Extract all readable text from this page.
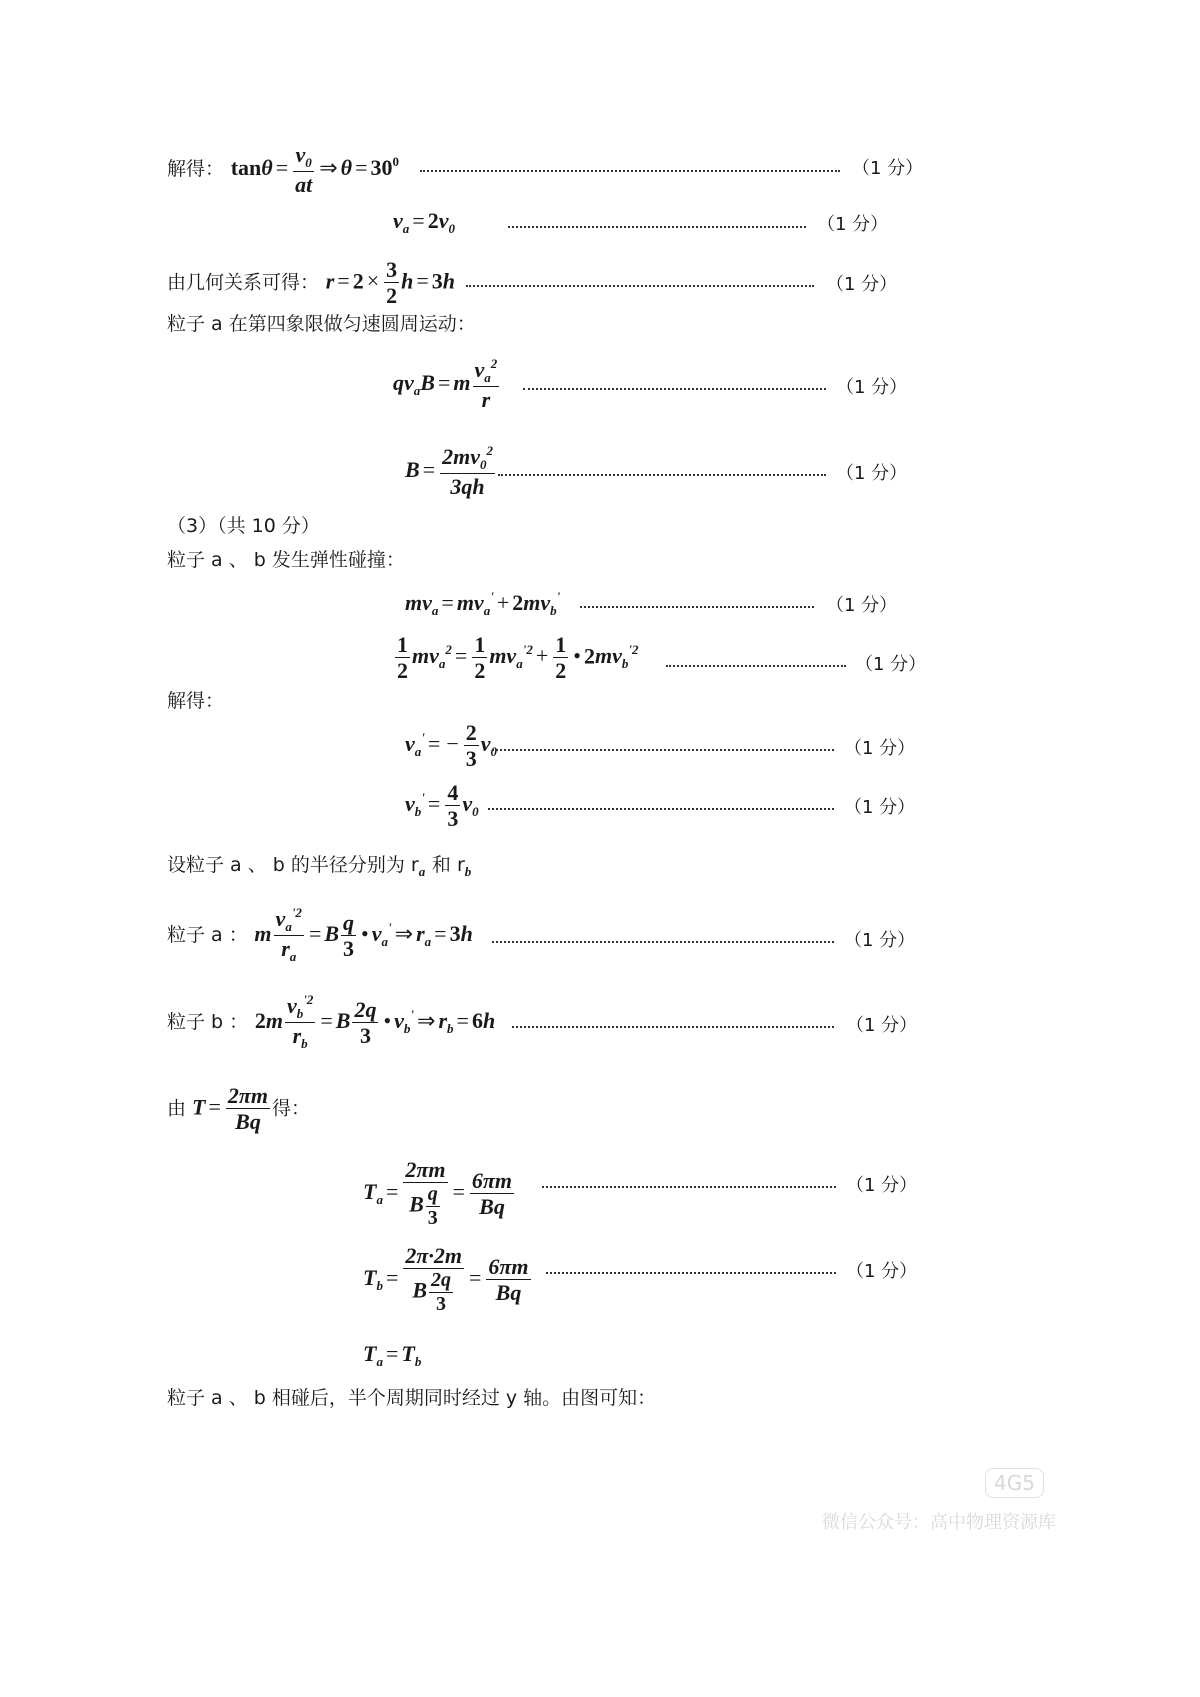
解得： $\tan\theta = \frac{v_0}{at}$ ⇒ $\theta = 30^0$	（1 分）
$v_a = 2v_0$	（1 分）
由几何关系可得： $r = 2 \times \frac{3}{2}$ h = 3h	（1 分）
粒子 a 在第四象限做匀速圆周运动：
$qv_aB = m \frac{v_a^2}{r}$	（1 分）
$B = \frac{2mv_0^2}{3qh}$	（1 分）
（3）（共 10 分）
粒子 a 、 b 发生弹性碰撞：
$mv_a = mv_a' + 2mv_b'$	（1 分）
$\frac{1}{2} mv_a^2 = \frac{1}{2} mv_a^{'2} + \frac{1}{2}$ • $2mv_b^{'2}$
（1 分）
解得：
$v_a'$ = − $\frac{2}{3} v_0$	（1 分）
$v_b' = \frac{4}{3} v_0$	（1 分）
设粒子 a 、 b 的半径分别为 $r_a$ 和 $r_b$
粒子 a ： m $\frac{v_a^{'2}}{r_a} = B \frac{q}{3}$ • $v_a'$ ⇒ $r_a = 3h$	（1 分）
粒子 b ： $2m \frac{v_b^{'2}}{r_b} = B \frac{2q}{3}$ • $v_b'$ ⇒ $r_b = 6h$	（1 分）
由 $T = \frac{2\pi m}{Bq}$ 得：
$T_a = \frac{2\pi m}{B \frac{q}{3}} = \frac{6\pi m}{Bq}$	（1 分）
$T_b = \frac{2\pi\cdot 2m}{B \frac{2q}{3}} = \frac{6\pi m}{Bq}$	（1 分）
$T_a = T_b$
粒子 a 、 b 相碰后，半个周期同时经过 y 轴。由图可知：
4G5
微信公众号：高中物理资源库
